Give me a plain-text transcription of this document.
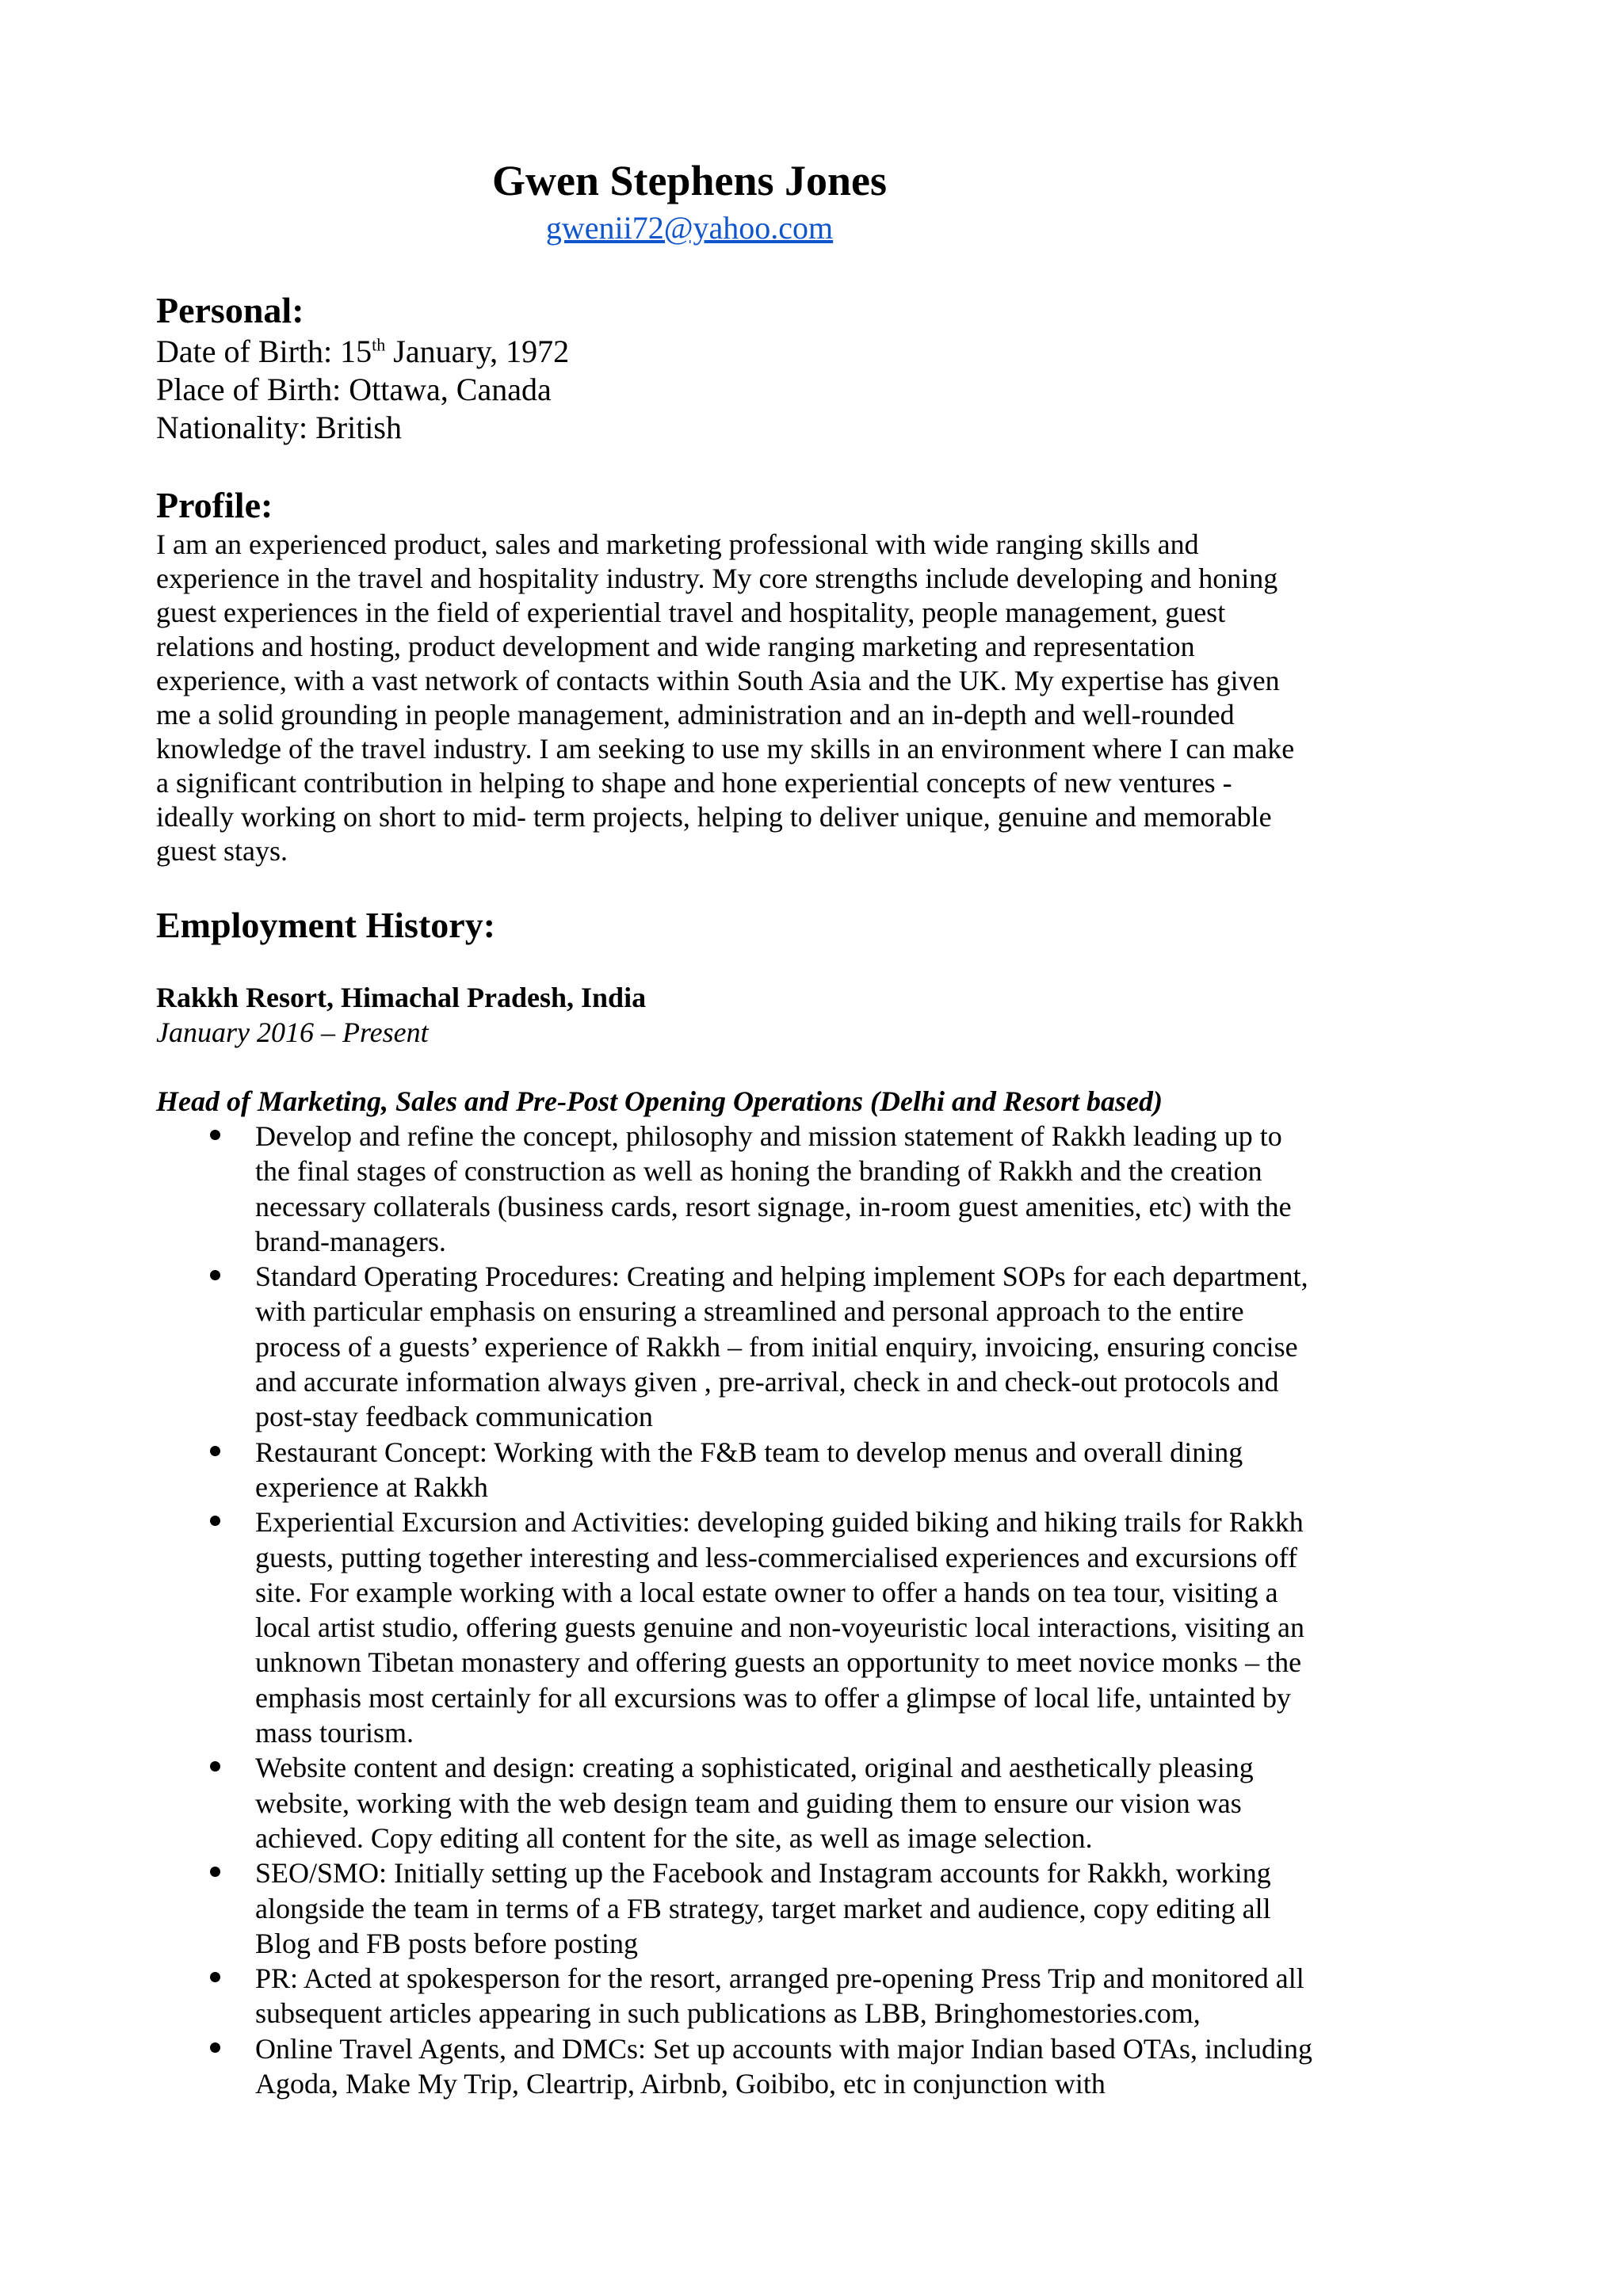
Gwen Stephens Jones

gwenii72@yahoo.com

Personal:

Date of Birth: 15th January, 1972

Place of Birth: Ottawa, Canada

Nationality: British

Profile:

I am an experienced product, sales and marketing professional with wide ranging skills and experience in the travel and hospitality industry. My core strengths include developing and honing guest experiences in the field of experiential travel and hospitality, people management, guest relations and hosting, product development and wide ranging marketing and representation experience, with a vast network of contacts within South Asia and the UK. My expertise has given me a solid grounding in people management, administration and an in-depth and well-rounded knowledge of the travel industry. I am seeking to use my skills in an environment where I can make a significant contribution in helping to shape and hone experiential concepts of new ventures - ideally working on short to mid- term projects, helping to deliver unique, genuine and memorable guest stays.

Employment History:

Rakkh Resort, Himachal Pradesh, India

January 2016 – Present

Head of Marketing, Sales and Pre-Post Opening Operations (Delhi and Resort based)

Develop and refine the concept, philosophy and mission statement of Rakkh leading up to the final stages of construction as well as honing the branding of Rakkh and the creation necessary collaterals (business cards, resort signage, in-room guest amenities, etc) with the brand-managers.
Standard Operating Procedures: Creating and helping implement SOPs for each department, with particular emphasis on ensuring a streamlined and personal approach to the entire process of a guests’ experience of Rakkh – from initial enquiry, invoicing, ensuring concise and accurate information always given , pre-arrival, check in and check-out protocols and post-stay feedback communication
Restaurant Concept: Working with the F&B team to develop menus and overall dining experience at Rakkh
Experiential Excursion and Activities: developing guided biking and hiking trails for Rakkh guests, putting together interesting and less-commercialised experiences and excursions off site. For example working with a local estate owner to offer a hands on tea tour, visiting a local artist studio, offering guests genuine and non-voyeuristic local interactions, visiting an unknown Tibetan monastery and offering guests an opportunity to meet novice monks – the emphasis most certainly for all excursions was to offer a glimpse of local life, untainted by mass tourism.
Website content and design: creating a sophisticated, original and aesthetically pleasing website, working with the web design team and guiding them to ensure our vision was achieved. Copy editing all content for the site, as well as image selection.
SEO/SMO: Initially setting up the Facebook and Instagram accounts for Rakkh, working alongside the team in terms of a FB strategy, target market and audience, copy editing all Blog and FB posts before posting
PR: Acted at spokesperson for the resort, arranged pre-opening Press Trip and monitored all subsequent articles appearing in such publications as LBB, Bringhomestories.com,
Online Travel Agents, and DMCs: Set up accounts with major Indian based OTAs, including Agoda, Make My Trip, Cleartrip, Airbnb, Goibibo, etc in conjunction with
